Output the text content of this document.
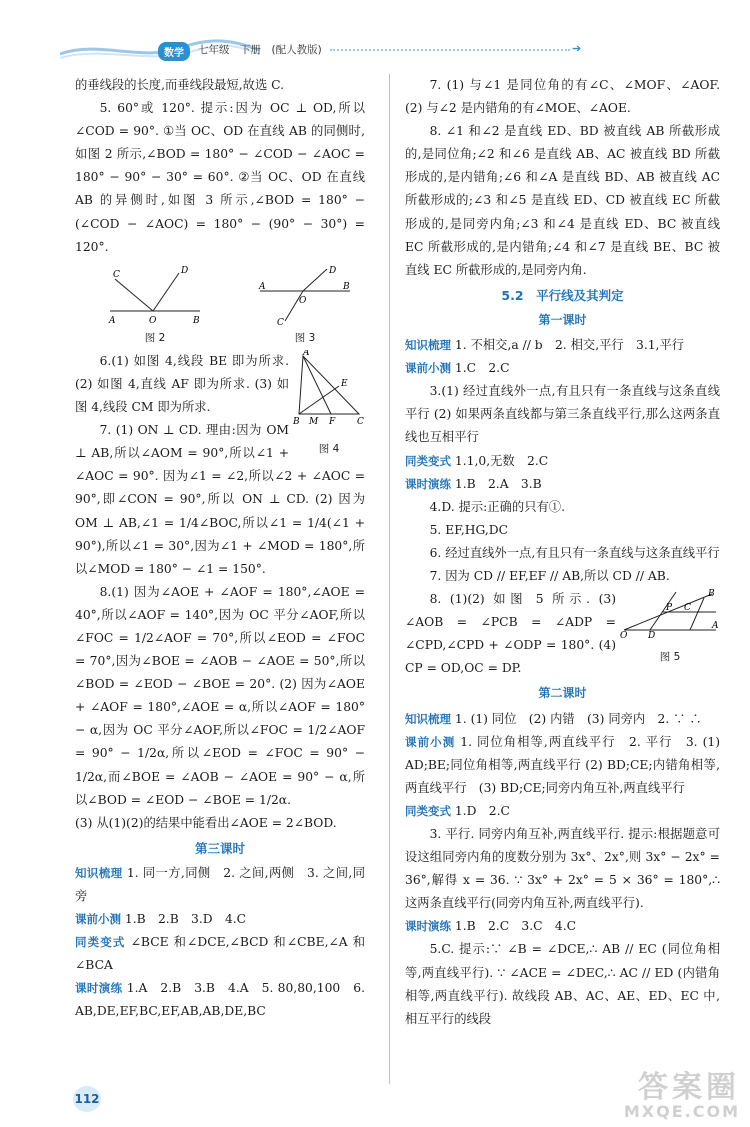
数学	七年级　下册　(配人教版)	➔

的垂线段的长度,而垂线段最短,故选 C.

5. 60°或 120°. 提示:因为 OC ⊥ OD,所以∠COD = 90°. ①当 OC、OD 在直线 AB 的同侧时,如图 2 所示,∠BOD = 180° − ∠COD − ∠AOC = 180° − 90° − 30° = 60°. ②当 OC、OD 在直线 AB 的异侧时,如图 3 所示,∠BOD = 180° − (∠COD − ∠AOC) = 180° − (90° − 30°) = 120°.

C	D
A	O	B
图 2
D
A
O
B
C
图 3
A
B	C
E
F
M
图 4

6.(1) 如图 4,线段 BE 即为所求. (2) 如图 4,直线 AF 即为所求. (3) 如图 4,线段 CM 即为所求.

7. (1) ON ⊥ CD. 理由:因为 OM ⊥ AB,所以∠AOM = 90°,所以∠1 + ∠AOC = 90°. 因为∠1 = ∠2,所以∠2 + ∠AOC = 90°,即∠CON = 90°,所以 ON ⊥ CD. (2) 因为 OM ⊥ AB,∠1 = 1/4∠BOC,所以∠1 = 1/4(∠1 + 90°),所以∠1 = 30°,因为∠1 + ∠MOD = 180°,所以∠MOD = 180° − ∠1 = 150°.

8.(1) 因为∠AOE + ∠AOF = 180°,∠AOE = 40°,所以∠AOF = 140°,因为 OC 平分∠AOF,所以∠FOC = 1/2∠AOF = 70°,所以∠EOD = ∠FOC = 70°,因为∠BOE = ∠AOB − ∠AOE = 50°,所以∠BOD = ∠EOD − ∠BOE = 20°. (2) 因为∠AOE + ∠AOF = 180°,∠AOE = α,所以∠AOF = 180° − α,因为 OC 平分∠AOF,所以∠FOC = 1/2∠AOF = 90° − 1/2α,所以∠EOD = ∠FOC = 90° − 1/2α,而∠BOE = ∠AOB − ∠AOE = 90° − α,所以∠BOD = ∠EOD − ∠BOE = 1/2α.

(3) 从(1)(2)的结果中能看出∠AOE = 2∠BOD.

第三课时

知识梳理 1. 同一方,同侧　2. 之间,两侧　3. 之间,同旁

课前小测 1.B　2.B　3.D　4.C

同类变式 ∠BCE 和∠DCE,∠BCD 和∠CBE,∠A 和∠BCA

课时演练 1.A　2.B　3.B　4.A　5. 80,80,100　6. AB,DE,EF,BC,EF,AB,AB,DE,BC

7. (1) 与∠1 是同位角的有∠C、∠MOF、∠AOF. (2) 与∠2 是内错角的有∠MOE、∠AOE.

8. ∠1 和∠2 是直线 ED、BD 被直线 AB 所截形成的,是同位角;∠2 和∠6 是直线 AB、AC 被直线 BD 所截形成的,是内错角;∠6 和∠A 是直线 BD、AB 被直线 AC 所截形成的;∠3 和∠5 是直线 ED、CD 被直线 EC 所截形成的,是同旁内角;∠3 和∠4 是直线 ED、BC 被直线 EC 所截形成的,是内错角;∠4 和∠7 是直线 BE、BC 被直线 EC 所截形成的,是同旁内角.

5.2　平行线及其判定
第一课时

知识梳理 1. 不相交,a // b　2. 相交,平行　3.1,平行

课前小测 1.C　2.C

3.(1) 经过直线外一点,有且只有一条直线与这条直线平行 (2) 如果两条直线都与第三条直线平行,那么这两条直线也互相平行

同类变式 1.1,0,无数　2.C

课时演练 1.B　2.A　3.B

4.D. 提示:正确的只有①.

5. EF,HG,DC

6. 经过直线外一点,有且只有一条直线与这条直线平行

7. 因为 CD // EF,EF // AB,所以 CD // AB.

O
A
B
C
D
P
图 5

8. (1)(2) 如图 5 所示. (3) ∠AOB = ∠PCB = ∠ADP = ∠CPD,∠CPD + ∠ODP = 180°. (4) CP = OD,OC = DP.

第二课时

知识梳理 1. (1) 同位　(2) 内错　(3) 同旁内　2. ∵ ∴

课前小测 1. 同位角相等,两直线平行　2. 平行　3. (1) AD;BE;同位角相等,两直线平行 (2) BD;CE;内错角相等,两直线平行　(3) BD;CE;同旁内角互补,两直线平行

同类变式 1.D　2.C

3. 平行. 同旁内角互补,两直线平行. 提示:根据题意可设这组同旁内角的度数分别为 3x°、2x°,则 3x° − 2x° = 36°,解得 x = 36. ∵ 3x° + 2x° = 5 × 36° = 180°,∴ 这两条直线平行(同旁内角互补,两直线平行).

课时演练 1.B　2.C　3.C　4.C

5.C. 提示:∵ ∠B = ∠DCE,∴ AB // EC (同位角相等,两直线平行). ∵ ∠ACE = ∠DEC,∴ AC // ED (内错角相等,两直线平行). 故线段 AB、AC、AE、ED、EC 中,相互平行的线段

112	答案圈
MXQE.COM
